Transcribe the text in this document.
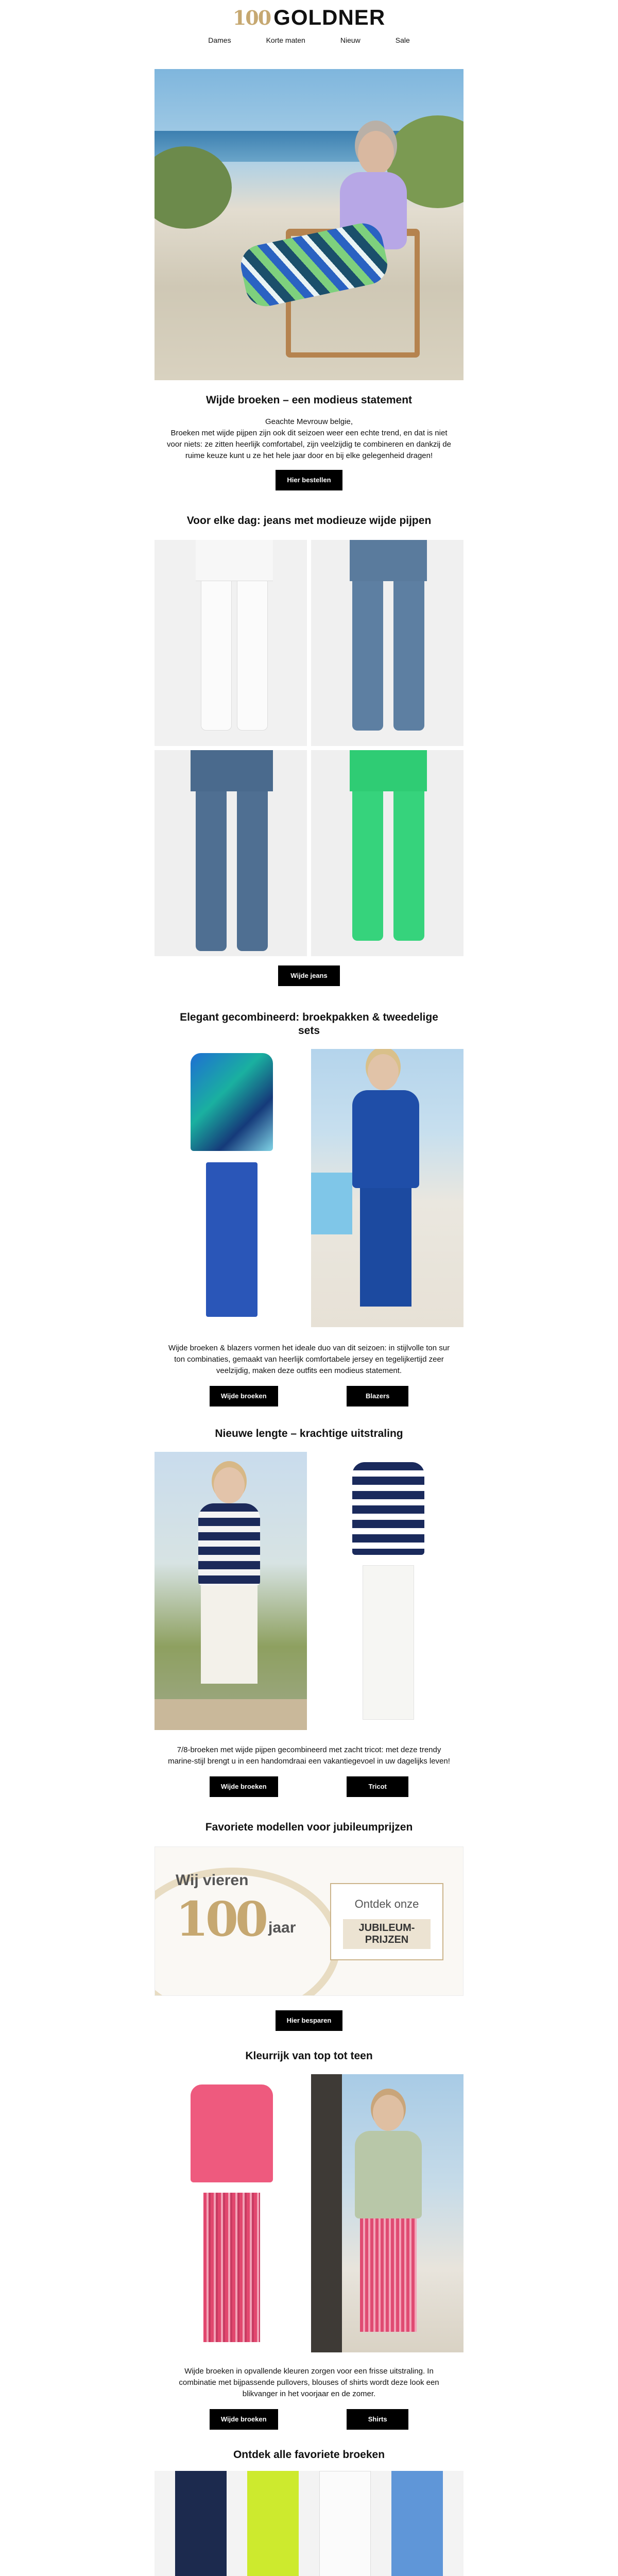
100 GOLDNER
Dames	Korte maten	Nieuw	Sale
Wijde broeken – een modieus statement
Geachte Mevrouw belgie,
Broeken met wijde pijpen zijn ook dit seizoen weer een echte trend, en dat is niet voor niets: ze zitten heerlijk comfortabel, zijn veelzijdig te combineren en dankzij de ruime keuze kunt u ze het hele jaar door en bij elke gelegenheid dragen!
Hier bestellen
Voor elke dag: jeans met modieuze wijde pijpen
Wijde jeans
Elegant gecombineerd: broekpakken & tweedelige sets
Wijde broeken & blazers vormen het ideale duo van dit seizoen: in stijlvolle ton sur ton combinaties, gemaakt van heerlijk comfortabele jersey en tegelijkertijd zeer veelzijdig, maken deze outfits een modieus statement.
Wijde broeken	Blazers
Nieuwe lengte – krachtige uitstraling
7/8-broeken met wijde pijpen gecombineerd met zacht tricot: met deze trendy marine-stijl brengt u in een handomdraai een vakantiegevoel in uw dagelijks leven!
Wijde broeken	Tricot
Favoriete modellen voor jubileumprijzen
Wij vieren
100 jaar
Ontdek onze
JUBILEUM-
PRIJZEN
Hier besparen
Kleurrijk van top tot teen
Wijde broeken in opvallende kleuren zorgen voor een frisse uitstraling. In combinatie met bijpassende pullovers, blouses of shirts wordt deze look een blikvanger in het voorjaar en de zomer.
Wijde broeken	Shirts
Ontdek alle favoriete broeken
